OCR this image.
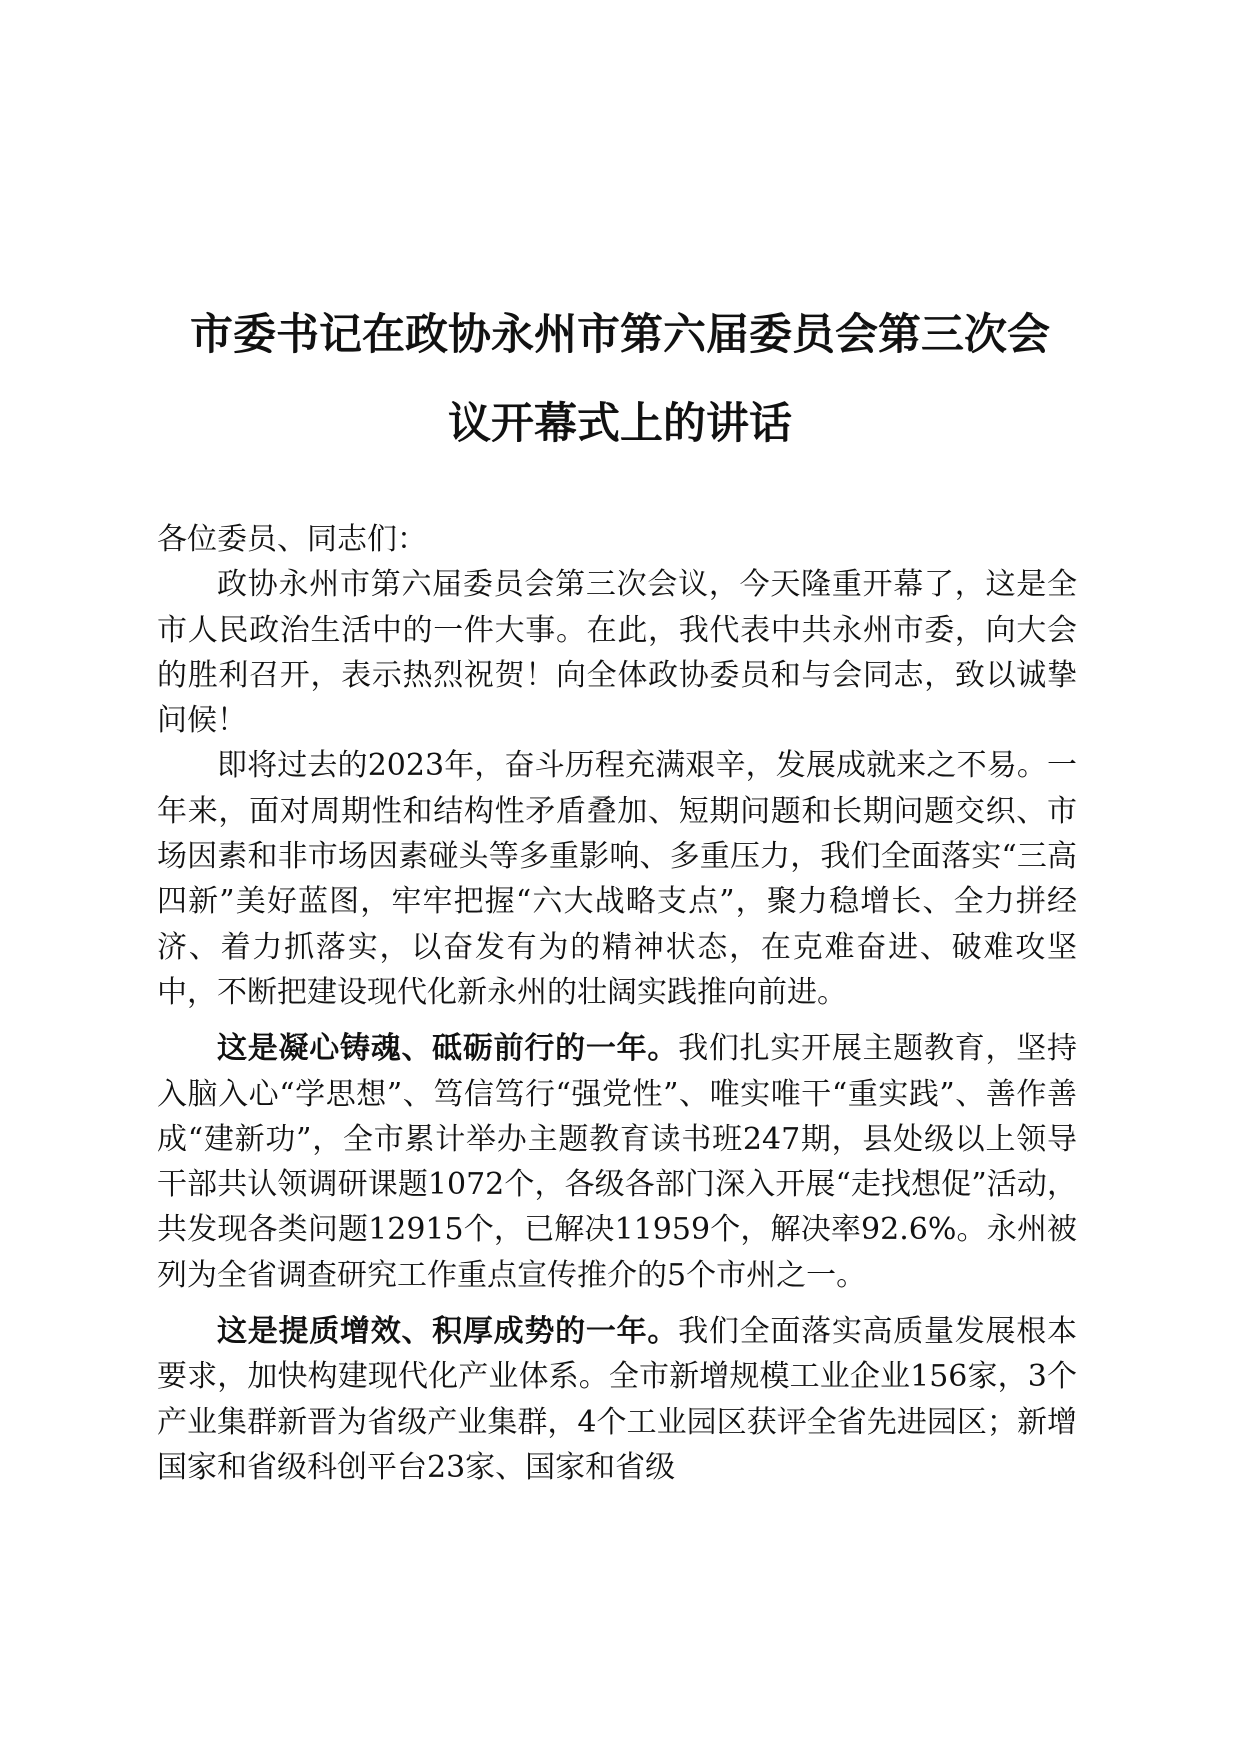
市委书记在政协永州市第六届委员会第三次会
议开幕式上的讲话

各位委员、同志们：

政协永州市第六届委员会第三次会议，今天隆重开幕了，这是全市人民政治生活中的一件大事。在此，我代表中共永州市委，向大会的胜利召开，表示热烈祝贺！向全体政协委员和与会同志，致以诚挚问候！

即将过去的2023年，奋斗历程充满艰辛，发展成就来之不易。一年来，面对周期性和结构性矛盾叠加、短期问题和长期问题交织、市场因素和非市场因素碰头等多重影响、多重压力，我们全面落实“三高四新”美好蓝图，牢牢把握“六大战略支点”，聚力稳增长、全力拼经济、着力抓落实，以奋发有为的精神状态，在克难奋进、破难攻坚中，不断把建设现代化新永州的壮阔实践推向前进。

这是凝心铸魂、砥砺前行的一年。我们扎实开展主题教育，坚持入脑入心“学思想”、笃信笃行“强党性”、唯实唯干“重实践”、善作善成“建新功”，全市累计举办主题教育读书班247期，县处级以上领导干部共认领调研课题1072个，各级各部门深入开展“走找想促”活动，共发现各类问题12915个，已解决11959个，解决率92.6%。永州被列为全省调查研究工作重点宣传推介的5个市州之一。

这是提质增效、积厚成势的一年。我们全面落实高质量发展根本要求，加快构建现代化产业体系。全市新增规模工业企业156家，3个产业集群新晋为省级产业集群，4个工业园区获评全省先进园区；新增国家和省级科创平台23家、国家和省级
